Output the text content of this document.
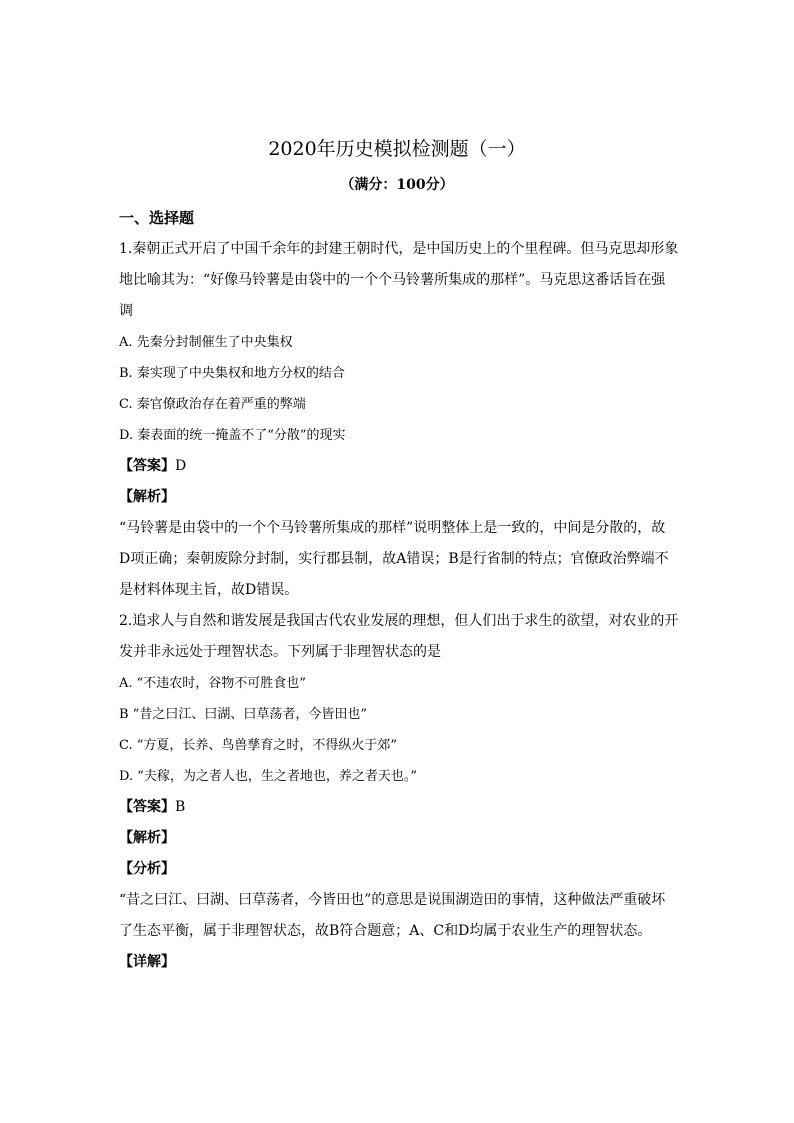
2020年历史模拟检测题（一）
（满分：100分）

一、选择题

1.秦朝正式开启了中国千余年的封建王朝时代，是中国历史上的个里程碑。但马克思却形象

地比喻其为：“好像马铃薯是由袋中的一个个马铃薯所集成的那样”。马克思这番话旨在强

调

A. 先秦分封制催生了中央集权

B. 秦实现了中央集权和地方分权的结合

C. 秦官僚政治存在着严重的弊端

D. 秦表面的统一掩盖不了“分散”的现实

【答案】D

【解析】

“马铃薯是由袋中的一个个马铃薯所集成的那样”说明整体上是一致的，中间是分散的，故

D项正确；秦朝废除分封制，实行郡县制，故A错误；B是行省制的特点；官僚政治弊端不

是材料体现主旨，故D错误。

2.追求人与自然和谐发展是我国古代农业发展的理想，但人们出于求生的欲望，对农业的开

发并非永远处于理智状态。下列属于非理智状态的是

A. “不违农时，谷物不可胜食也”

B “昔之曰江、曰湖、曰草荡者，今皆田也”

C. “方夏，长养、鸟兽孳育之时，不得纵火于郊”

D. “夫稼，为之者人也，生之者地也，养之者天也。”

【答案】B

【解析】

【分析】

“昔之曰江、曰湖、曰草荡者，今皆田也”的意思是说围湖造田的事情，这种做法严重破坏

了生态平衡，属于非理智状态，故B符合题意；A、C和D均属于农业生产的理智状态。

【详解】
